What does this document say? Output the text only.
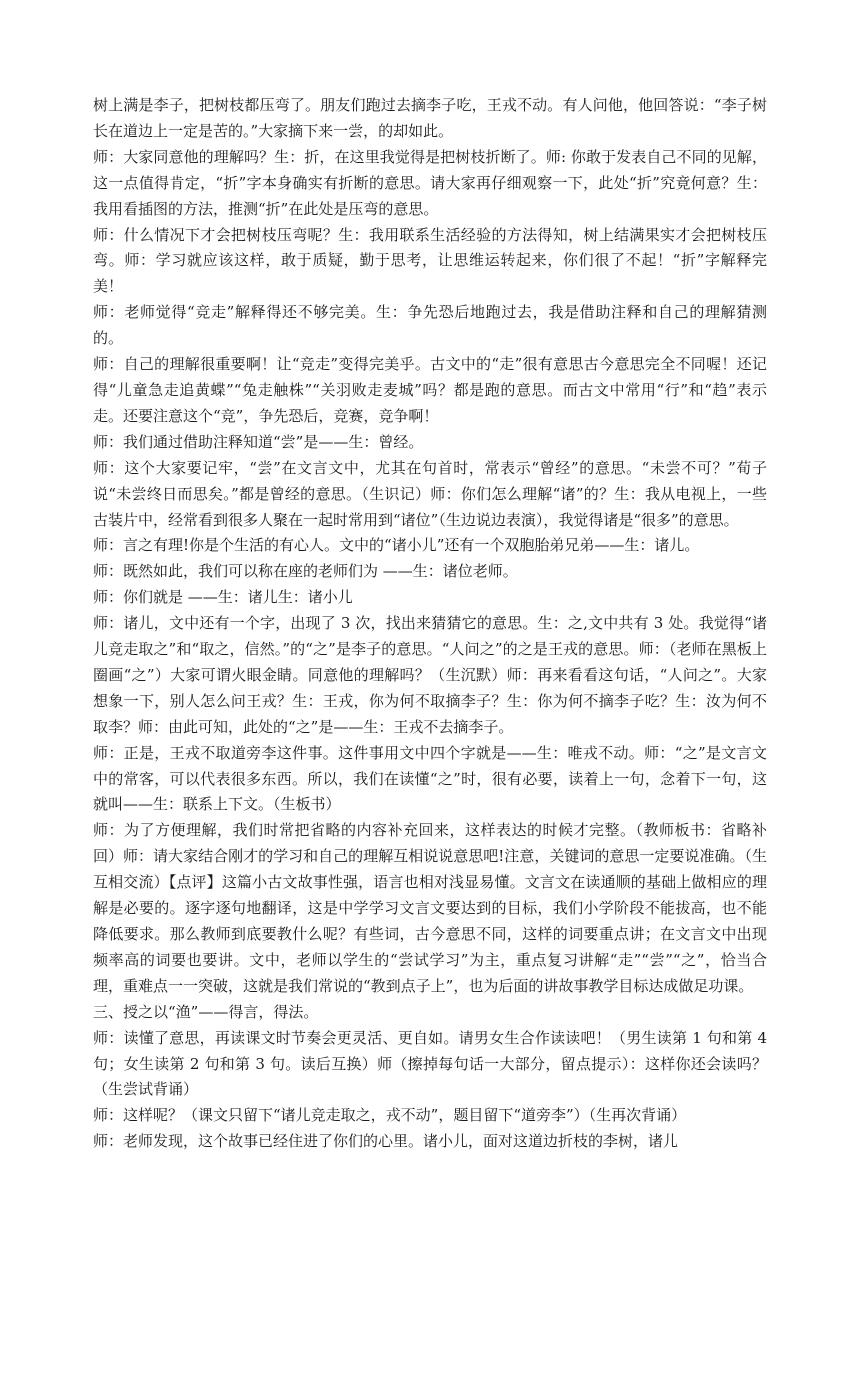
树上满是李子，把树枝都压弯了。朋友们跑过去摘李子吃，王戎不动。有人问他，他回答说：“李子树长在道边上一定是苦的。”大家摘下来一尝，的却如此。

师：大家同意他的理解吗？生：折，在这里我觉得是把树枝折断了。师: 你敢于发表自己不同的见解，这一点值得肯定，“折”字本身确实有折断的意思。请大家再仔细观察一下，此处“折”究竟何意？生：我用看插图的方法，推测“折”在此处是压弯的意思。

师：什么情况下才会把树枝压弯呢？生：我用联系生活经验的方法得知，树上结满果实才会把树枝压弯。师：学习就应该这样，敢于质疑，勤于思考，让思维运转起来，你们很了不起！“折”字解释完美！

师：老师觉得“竞走”解释得还不够完美。生：争先恐后地跑过去，我是借助注释和自己的理解猜测的。

师：自己的理解很重要啊！让“竞走”变得完美乎。古文中的“走”很有意思古今意思完全不同喔！还记得“儿童急走追黄蝶”“兔走触株”“关羽败走麦城”吗？都是跑的意思。而古文中常用“行”和“趋”表示走。还要注意这个“竞”，争先恐后，竞赛，竞争啊！

师：我们通过借助注释知道“尝”是——生：曾经。

师：这个大家要记牢，“尝”在文言文中，尤其在句首时，常表示“曾经”的意思。“未尝不可？”荀子说“未尝终日而思矣。”都是曾经的意思。（生识记）师：你们怎么理解“诸”的？生：我从电视上，一些古装片中，经常看到很多人聚在一起时常用到“诸位”（生边说边表演），我觉得诸是“很多”的意思。

师：言之有理!你是个生活的有心人。文中的“诸小儿”还有一个双胞胎弟兄弟——生：诸儿。

师：既然如此，我们可以称在座的老师们为 ——生：诸位老师。

师：你们就是 ——生：诸儿生：诸小儿

师：诸儿，文中还有一个字，出现了 3 次，找出来猜猜它的意思。生：之,文中共有 3 处。我觉得“诸儿竞走取之”和“取之，信然。”的“之”是李子的意思。“人问之”的之是王戎的意思。师：（老师在黑板上圈画“之”）大家可谓火眼金睛。同意他的理解吗？（生沉默）师：再来看看这句话，“人问之”。大家想象一下，别人怎么问王戎？生：王戎，你为何不取摘李子？生：你为何不摘李子吃？生：汝为何不取李？师：由此可知，此处的“之”是——生：王戎不去摘李子。

师：正是，王戎不取道旁李这件事。这件事用文中四个字就是——生：唯戎不动。师：“之”是文言文中的常客，可以代表很多东西。所以，我们在读懂“之”时，很有必要，读着上一句，念着下一句，这就叫——生：联系上下文。（生板书）

师：为了方便理解，我们时常把省略的内容补充回来，这样表达的时候才完整。（教师板书：省略补回）师：请大家结合刚才的学习和自己的理解互相说说意思吧!注意，关键词的意思一定要说准确。（生互相交流）【点评】这篇小古文故事性强，语言也相对浅显易懂。文言文在读通顺的基础上做相应的理解是必要的。逐字逐句地翻译，这是中学学习文言文要达到的目标，我们小学阶段不能拔高，也不能降低要求。那么教师到底要教什么呢？有些词，古今意思不同，这样的词要重点讲；在文言文中出现频率高的词要也要讲。文中，老师以学生的“尝试学习”为主，重点复习讲解“走”“尝”“之”，恰当合理，重难点一一突破，这就是我们常说的“教到点子上”，也为后面的讲故事教学目标达成做足功课。

三、授之以“渔”——得言，得法。

师：读懂了意思，再读课文时节奏会更灵活、更自如。请男女生合作读读吧！（男生读第 1 句和第 4 句；女生读第 2 句和第 3 句。读后互换）师（擦掉每句话一大部分，留点提示）：这样你还会读吗？（生尝试背诵）

师：这样呢？（课文只留下“诸儿竞走取之，戎不动”，题目留下“道旁李”）（生再次背诵）

师：老师发现，这个故事已经住进了你们的心里。诸小儿，面对这道边折枝的李树，诸儿
